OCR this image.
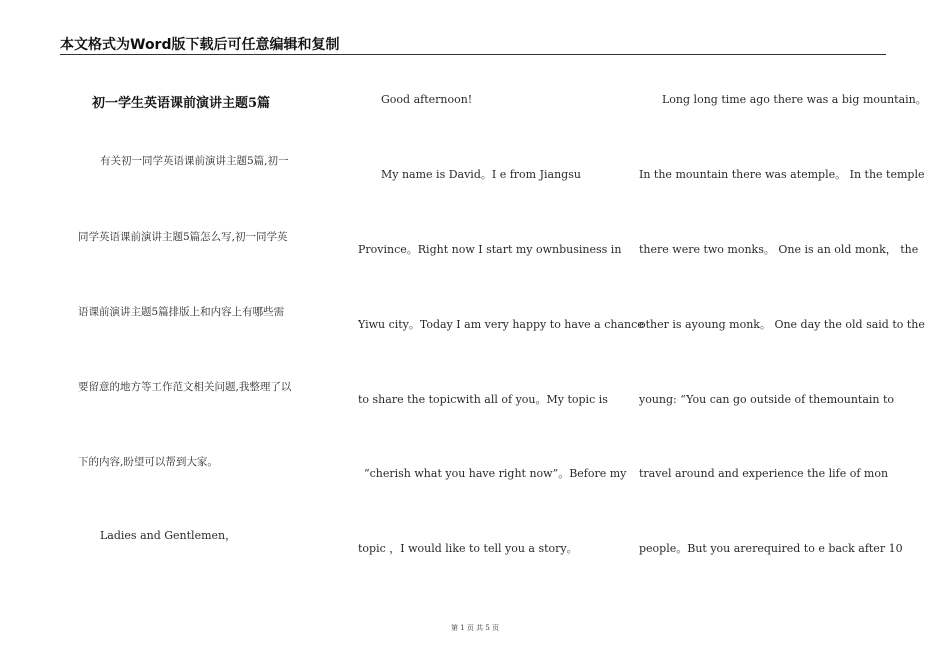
本文格式为Word版下载后可任意编辑和复制
初一学生英语课前演讲主题5篇
有关初一同学英语课前演讲主题5篇,初一
同学英语课前演讲主题5篇怎么写,初一同学英
语课前演讲主题5篇排版上和内容上有哪些需
要留意的地方等工作范文相关问题,我整理了以
下的内容,盼望可以帮到大家。
Ladies and Gentlemen，
Good afternoon!
My name is David。I e from Jiangsu
Province。Right now I start my ownbusiness in
Yiwu city。Today I am very happy to have a chance
to share the topicwith all of you。My topic is
“cherish what you have right now”。Before my
topic ，I would like to tell you a story。
Long long time ago there was a big mountain。
In the mountain there was atemple。 In the temple
there were two monks。 One is an old monk， the
other is ayoung monk。 One day the old said to the
young: “You can go outside of themountain to
travel around and experience the life of mon
people。But you arerequired to e back after 10
第 1 页 共 5 页
